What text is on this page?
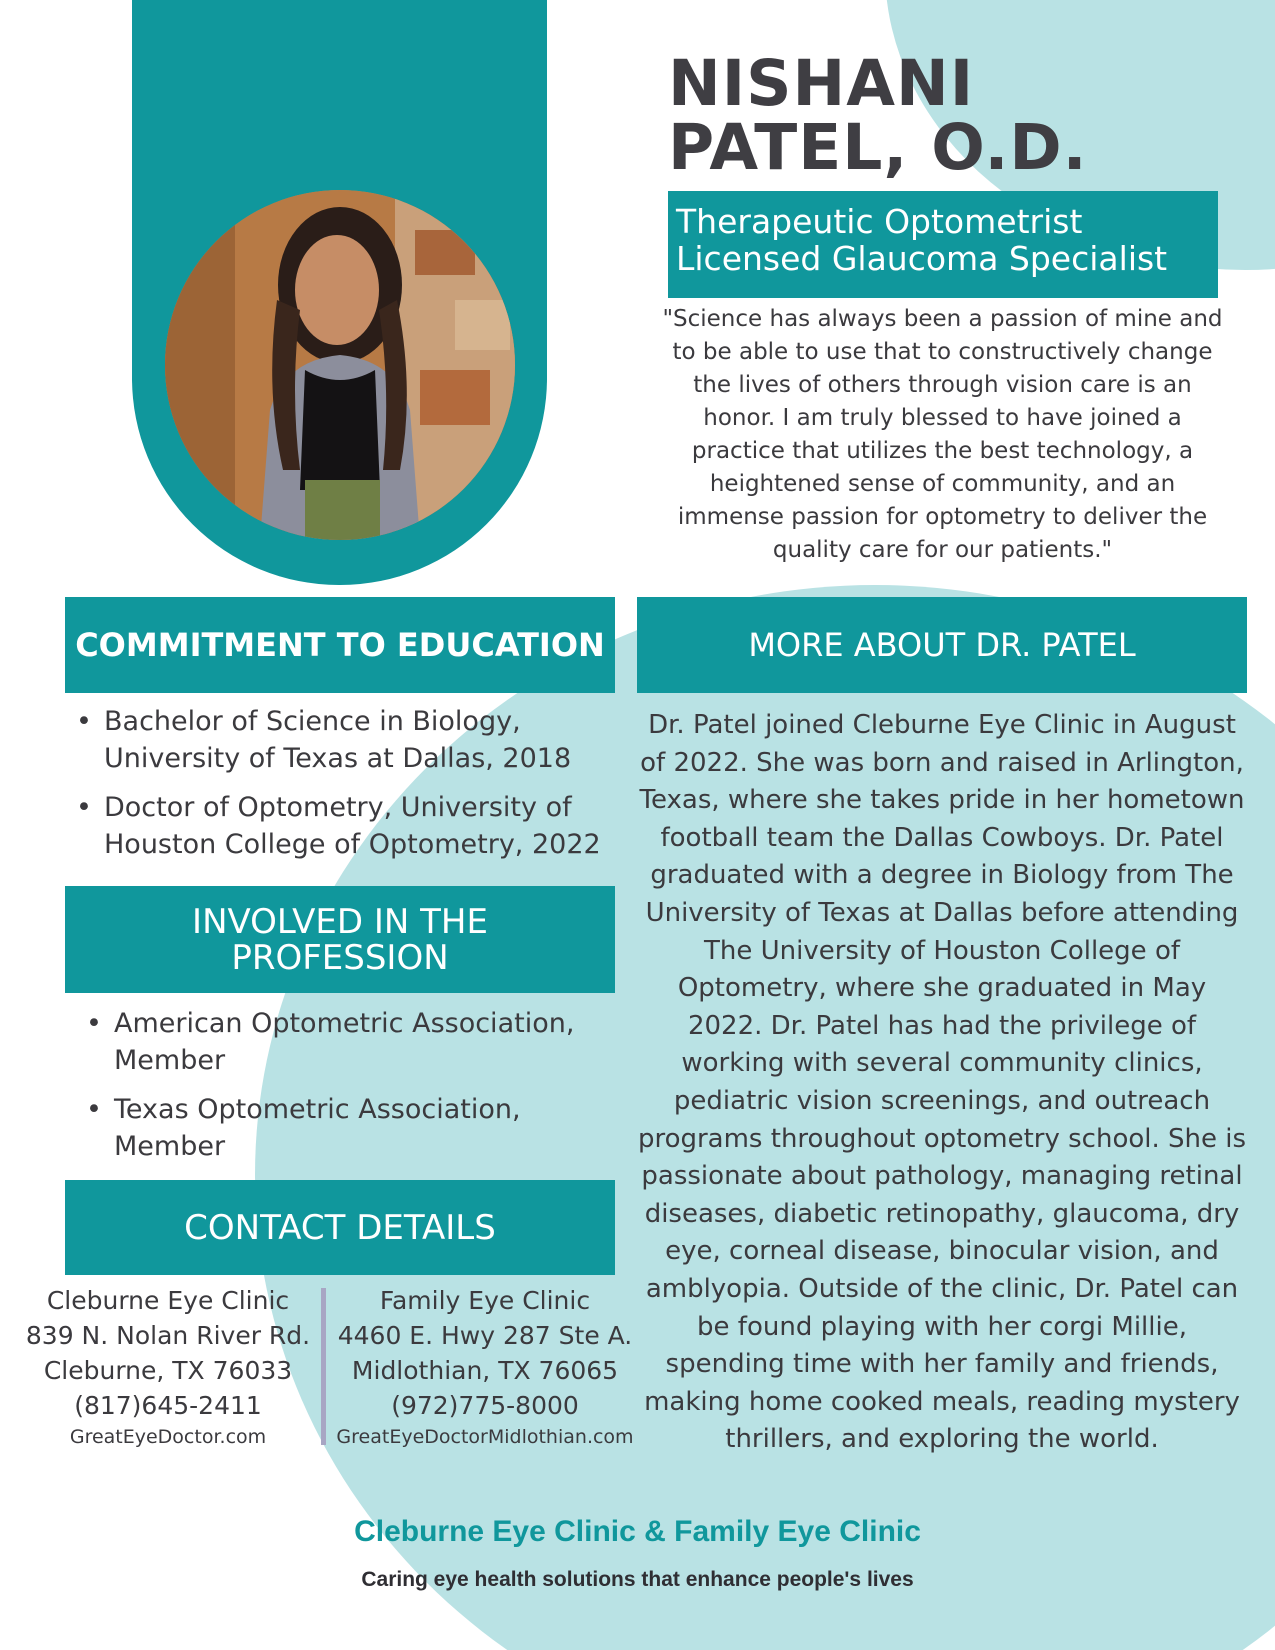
NISHANI
PATEL, O.D.
Therapeutic Optometrist
Licensed Glaucoma Specialist

"Science has always been a passion of mine and to be able to use that to constructively change the lives of others through vision care is an honor. I am truly blessed to have joined a practice that utilizes the best technology, a heightened sense of community, and an immense passion for optometry to deliver the quality care for our patients."

COMMITMENT TO EDUCATION
• Bachelor of Science in Biology, University of Texas at Dallas, 2018
• Doctor of Optometry, University of Houston College of Optometry, 2022
INVOLVED IN THE
PROFESSION
• American Optometric Association, Member
• Texas Optometric Association, Member
CONTACT DETAILS
Cleburne Eye Clinic
839 N. Nolan River Rd.
Cleburne, TX 76033
(817)645-2411
GreatEyeDoctor.com
Family Eye Clinic
4460 E. Hwy 287 Ste A.
Midlothian, TX 76065
(972)775-8000
GreatEyeDoctorMidlothian.com
MORE ABOUT DR. PATEL

Dr. Patel joined Cleburne Eye Clinic in August of 2022. She was born and raised in Arlington, Texas, where she takes pride in her hometown football team the Dallas Cowboys. Dr. Patel graduated with a degree in Biology from The University of Texas at Dallas before attending The University of Houston College of Optometry, where she graduated in May 2022. Dr. Patel has had the privilege of working with several community clinics, pediatric vision screenings, and outreach programs throughout optometry school. She is passionate about pathology, managing retinal diseases, diabetic retinopathy, glaucoma, dry eye, corneal disease, binocular vision, and amblyopia. Outside of the clinic, Dr. Patel can be found playing with her corgi Millie, spending time with her family and friends, making home cooked meals, reading mystery thrillers, and exploring the world.

Cleburne Eye Clinic & Family Eye Clinic
Caring eye health solutions that enhance people's lives
